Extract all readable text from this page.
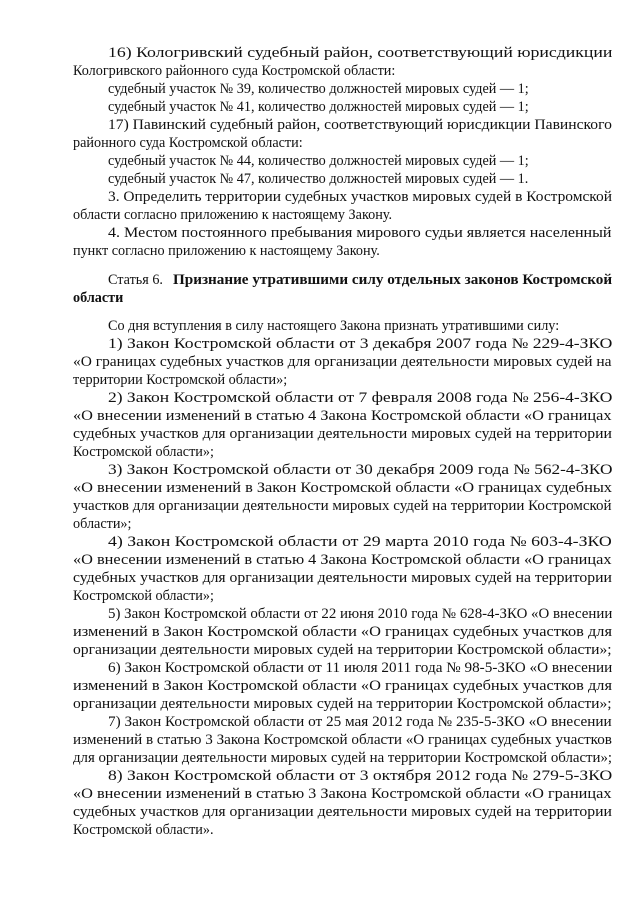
16) Кологривский судебный район, соответствующий юрисдикции
Кологривского районного суда Костромской области:
судебный участок № 39, количество должностей мировых судей — 1;
судебный участок № 41, количество должностей мировых судей — 1;
17) Павинский судебный район, соответствующий юрисдикции Павинского
районного суда Костромской области:
судебный участок № 44, количество должностей мировых судей — 1;
судебный участок № 47, количество должностей мировых судей — 1.
3. Определить территории судебных участков мировых судей в Костромской
области согласно приложению к настоящему Закону.
4. Местом постоянного пребывания мирового судьи является населенный
пункт согласно приложению к настоящему Закону.
Статья 6. Признание утратившими силу отдельных законов Костромской
области
Со дня вступления в силу настоящего Закона признать утратившими силу:
1) Закон Костромской области от 3 декабря 2007 года № 229-4-ЗКО
«О границах судебных участков для организации деятельности мировых судей на
территории Костромской области»;
2) Закон Костромской области от 7 февраля 2008 года № 256-4-ЗКО
«О внесении изменений в статью 4 Закона Костромской области «О границах
судебных участков для организации деятельности мировых судей на территории
Костромской области»;
3) Закон Костромской области от 30 декабря 2009 года № 562-4-ЗКО
«О внесении изменений в Закон Костромской области «О границах судебных
участков для организации деятельности мировых судей на территории Костромской
области»;
4) Закон Костромской области от 29 марта 2010 года № 603-4-ЗКО
«О внесении изменений в статью 4 Закона Костромской области «О границах
судебных участков для организации деятельности мировых судей на территории
Костромской области»;
5) Закон Костромской области от 22 июня 2010 года № 628-4-ЗКО «О внесении
изменений в Закон Костромской области «О границах судебных участков для
организации деятельности мировых судей на территории Костромской области»;
6) Закон Костромской области от 11 июля 2011 года № 98-5-ЗКО «О внесении
изменений в Закон Костромской области «О границах судебных участков для
организации деятельности мировых судей на территории Костромской области»;
7) Закон Костромской области от 25 мая 2012 года № 235-5-ЗКО «О внесении
изменений в статью 3 Закона Костромской области «О границах судебных участков
для организации деятельности мировых судей на территории Костромской области»;
8) Закон Костромской области от 3 октября 2012 года № 279-5-ЗКО
«О внесении изменений в статью 3 Закона Костромской области «О границах
судебных участков для организации деятельности мировых судей на территории
Костромской области».
